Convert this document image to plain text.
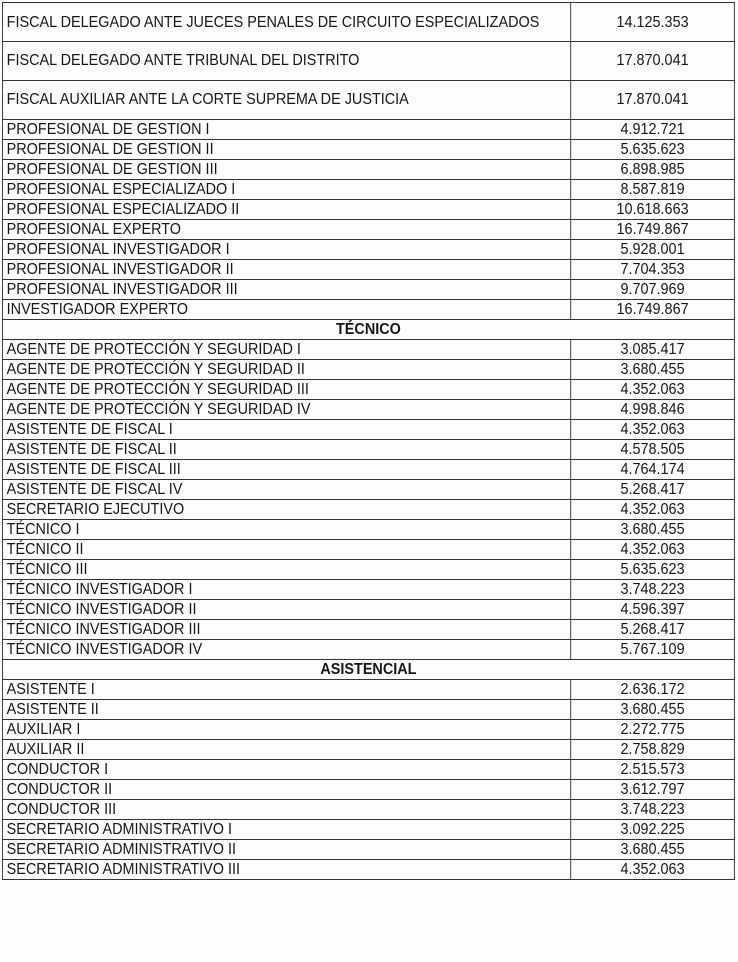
FISCAL DELEGADO ANTE JUECES PENALES DE CIRCUITO ESPECIALIZADOS	14.125.353
FISCAL DELEGADO ANTE TRIBUNAL DEL DISTRITO	17.870.041
FISCAL AUXILIAR ANTE LA CORTE SUPREMA DE JUSTICIA	17.870.041
PROFESIONAL DE GESTION I	4.912.721
PROFESIONAL DE GESTION II	5.635.623
PROFESIONAL DE GESTION III	6.898.985
PROFESIONAL ESPECIALIZADO I	8.587.819
PROFESIONAL ESPECIALIZADO II	10.618.663
PROFESIONAL EXPERTO	16.749.867
PROFESIONAL INVESTIGADOR I	5.928.001
PROFESIONAL INVESTIGADOR II	7.704.353
PROFESIONAL INVESTIGADOR III	9.707.969
INVESTIGADOR EXPERTO	16.749.867
TÉCNICO	
AGENTE DE PROTECCIÓN Y SEGURIDAD I	3.085.417
AGENTE DE PROTECCIÓN Y SEGURIDAD II	3.680.455
AGENTE DE PROTECCIÓN Y SEGURIDAD III	4.352.063
AGENTE DE PROTECCIÓN Y SEGURIDAD IV	4.998.846
ASISTENTE DE FISCAL I	4.352.063
ASISTENTE DE FISCAL II	4.578.505
ASISTENTE DE FISCAL III	4.764.174
ASISTENTE DE FISCAL IV	5.268.417
SECRETARIO EJECUTIVO	4.352.063
TÉCNICO I	3.680.455
TÉCNICO II	4.352.063
TÉCNICO III	5.635.623
TÉCNICO INVESTIGADOR I	3.748.223
TÉCNICO INVESTIGADOR II	4.596.397
TÉCNICO INVESTIGADOR III	5.268.417
TÉCNICO INVESTIGADOR IV	5.767.109
ASISTENCIAL	
ASISTENTE I	2.636.172
ASISTENTE II	3.680.455
AUXILIAR I	2.272.775
AUXILIAR II	2.758.829
CONDUCTOR I	2.515.573
CONDUCTOR II	3.612.797
CONDUCTOR III	3.748.223
SECRETARIO ADMINISTRATIVO I	3.092.225
SECRETARIO ADMINISTRATIVO II	3.680.455
SECRETARIO ADMINISTRATIVO III	4.352.063
